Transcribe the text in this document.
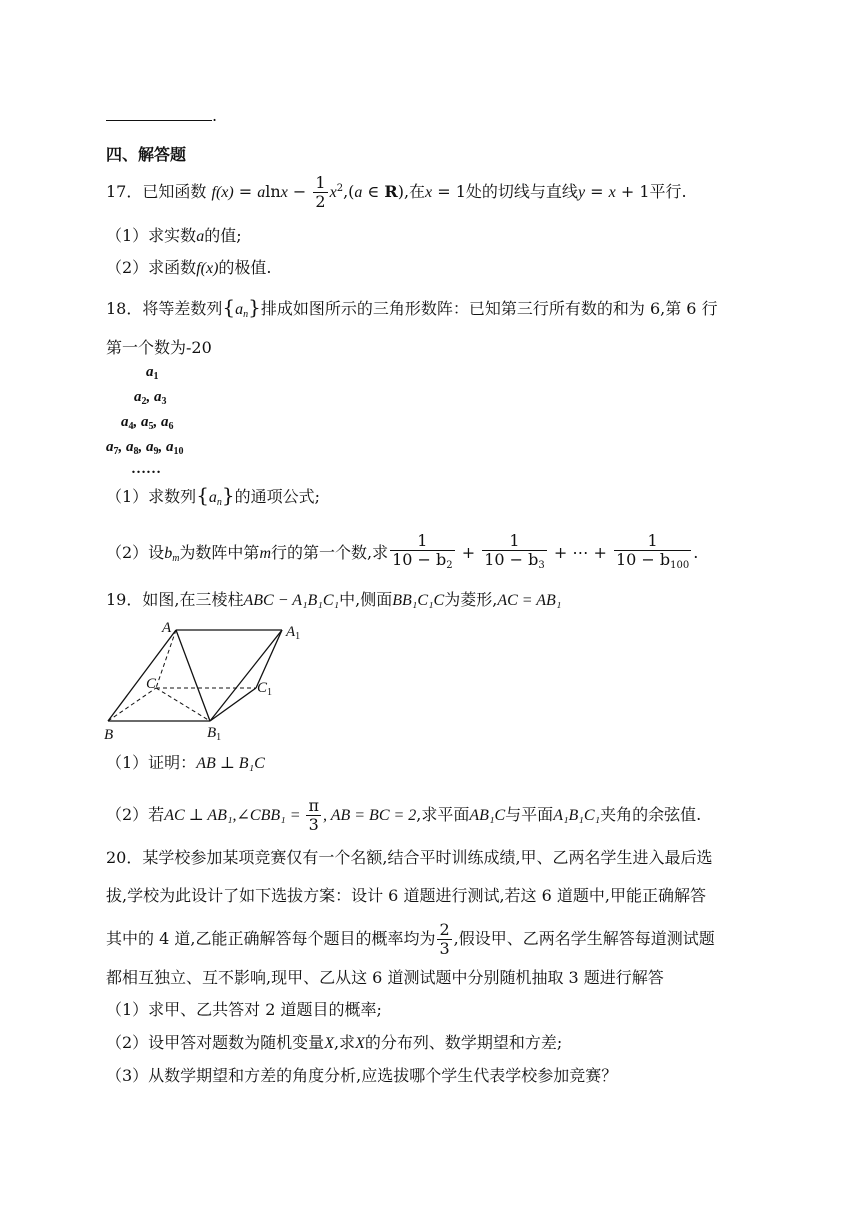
.
四、解答题
17．已知函数 $f(x) = alnx - \frac{1}{2} x^2,(a$ ∈ R),在x = 1处的切线与直线y = x + 1平行.
（1）求实数a的值;
（2）求函数f(x)的极值.
18．将等差数列$\{a_n\}$排成如图所示的三角形数阵：已知第三行所有数的和为 6,第 6 行
第一个数为-20
$a_1$
$a_2$, $a_3$
$a_4$, $a_5$, $a_6$
$a_7$, $a_8$, $a_9$, $a_{10}$
……
（1）求数列$\{a_n\}$的通项公式;
（2）设$b_m$为数阵中第m行的第一个数,求 $\frac{1}{10 - b_2} + \frac{1}{10 - b_3}$ + ⋯ + $\frac{1}{10 - b_{100}}$ .
19．如图,在三棱柱ABC − A₁B₁C₁中,侧面BB₁C₁C为菱形,AC = AB₁
A	$A_1$
C	$C_1$
B	$B_1$
（1）证明：AB ⊥ B₁C
（2）若AC ⊥ AB₁,∠CBB₁ = $\frac{\pi}{3}$ , AB = BC = 2,求平面AB₁C与平面A₁B₁C₁夹角的余弦值.
20．某学校参加某项竞赛仅有一个名额,结合平时训练成绩,甲、乙两名学生进入最后选
拔,学校为此设计了如下选拔方案：设计 6 道题进行测试,若这 6 道题中,甲能正确解答
其中的 4 道,乙能正确解答每个题目的概率均为 $\frac{2}{3}$ ,假设甲、乙两名学生解答每道测试题
都相互独立、互不影响,现甲、乙从这 6 道测试题中分别随机抽取 3 题进行解答
（1）求甲、乙共答对 2 道题目的概率;
（2）设甲答对题数为随机变量X,求X的分布列、数学期望和方差;
（3）从数学期望和方差的角度分析,应选拔哪个学生代表学校参加竞赛？
